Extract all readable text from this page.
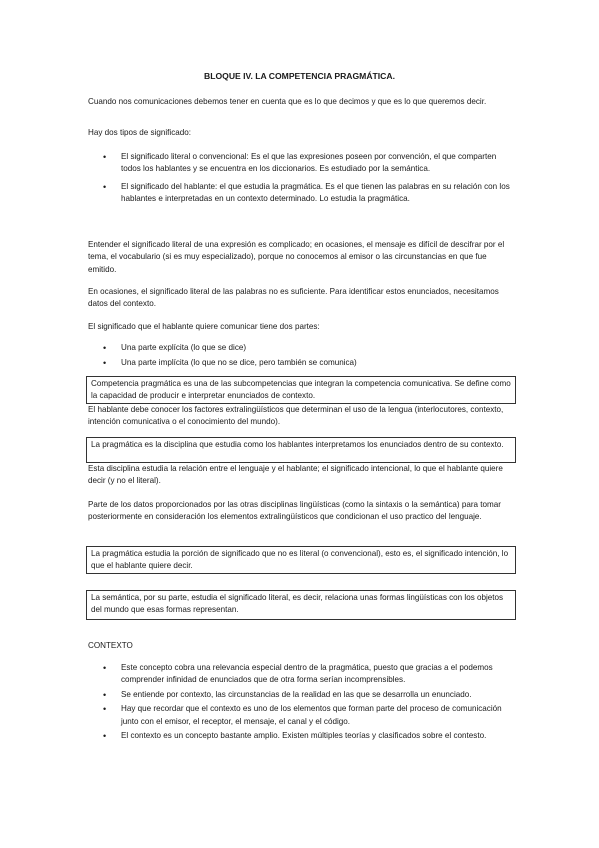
BLOQUE IV. LA COMPETENCIA PRAGMÁTICA.

Cuando nos comunicaciones debemos tener en cuenta que es lo que decimos y que es lo que queremos decir.

Hay dos tipos de significado:

• El significado literal o convencional: Es el que las expresiones poseen por convención, el que comparten todos los hablantes y se encuentra en los diccionarios. Es estudiado por la semántica.
• El significado del hablante: el que estudia la pragmática. Es el que tienen las palabras en su relación con los hablantes e interpretadas en un contexto determinado. Lo estudia la pragmática.

Entender el significado literal de una expresión es complicado; en ocasiones, el mensaje es difícil de descifrar por el tema, el vocabulario (si es muy especializado), porque no conocemos al emisor o las circunstancias en que fue emitido.

En ocasiones, el significado literal de las palabras no es suficiente. Para identificar estos enunciados, necesitamos datos del contexto.

El significado que el hablante quiere comunicar tiene dos partes:

• Una parte explícita (lo que se dice)
• Una parte implícita (lo que no se dice, pero también se comunica)

Competencia pragmática es una de las subcompetencias que integran la competencia comunicativa. Se define como la capacidad de producir e interpretar enunciados de contexto.

El hablante debe conocer los factores extralingüísticos que determinan el uso de la lengua (interlocutores, contexto, intención comunicativa o el conocimiento del mundo).

La pragmática es la disciplina que estudia como los hablantes interpretamos los enunciados dentro de su contexto.

Esta disciplina estudia la relación entre el lenguaje y el hablante; el significado intencional, lo que el hablante quiere decir (y no el literal).

Parte de los datos proporcionados por las otras disciplinas lingüísticas (como la sintaxis o la semántica) para tomar posteriormente en consideración los elementos extralingüísticos que condicionan el uso practico del lenguaje.

La pragmática estudia la porción de significado que no es literal (o convencional), esto es, el significado intención, lo que el hablante quiere decir.

La semántica, por su parte, estudia el significado literal, es decir, relaciona unas formas lingüísticas con los objetos del mundo que esas formas representan.

CONTEXTO
• Este concepto cobra una relevancia especial dentro de la pragmática, puesto que gracias a el podemos comprender infinidad de enunciados que de otra forma serían incomprensibles.
• Se entiende por contexto, las circunstancias de la realidad en las que se desarrolla un enunciado.
• Hay que recordar que el contexto es uno de los elementos que forman parte del proceso de comunicación junto con el emisor, el receptor, el mensaje, el canal y el código.
• El contexto es un concepto bastante amplio. Existen múltiples teorías y clasificados sobre el contesto.
